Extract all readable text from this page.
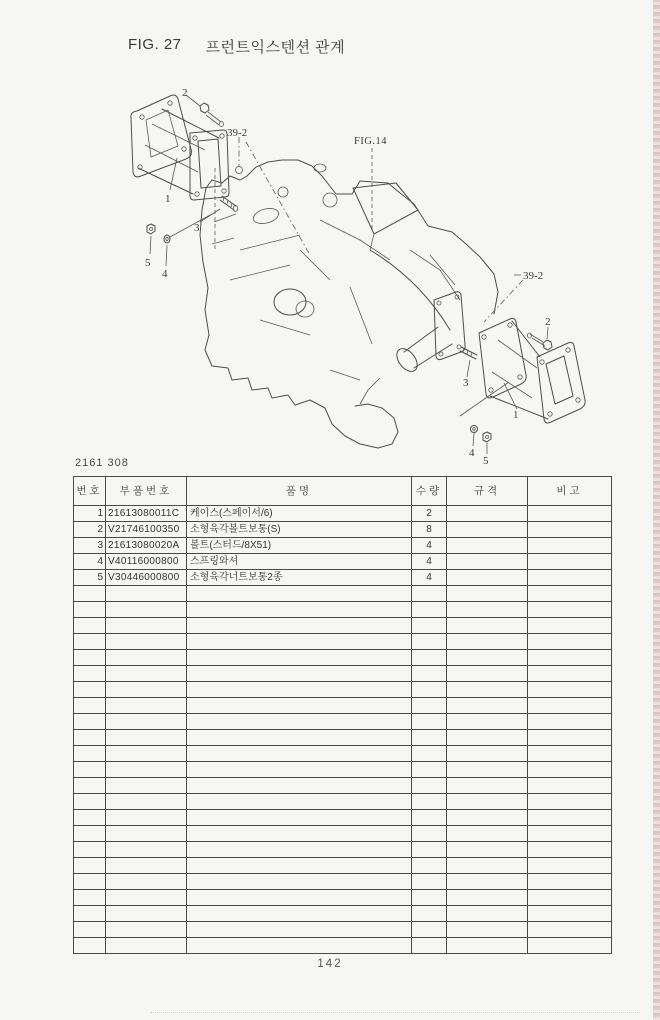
FIG. 27 프런트익스텐션 관계
2
39-2
1
3
5
4
FIG.14
39-2
2
3
1
4
5
2161 308
번호	부품번호	품명	수량	규격	비고
1	21613080011C	케이스(스페이서/6)	2		
2	V21746100350	소형육각볼트보통(S)	8		
3	21613080020A	볼트(스터드/8X51)	4		
4	V40116000800	스프링와셔	4		
5	V30446000800	소형육각너트보통2종	4		

142
